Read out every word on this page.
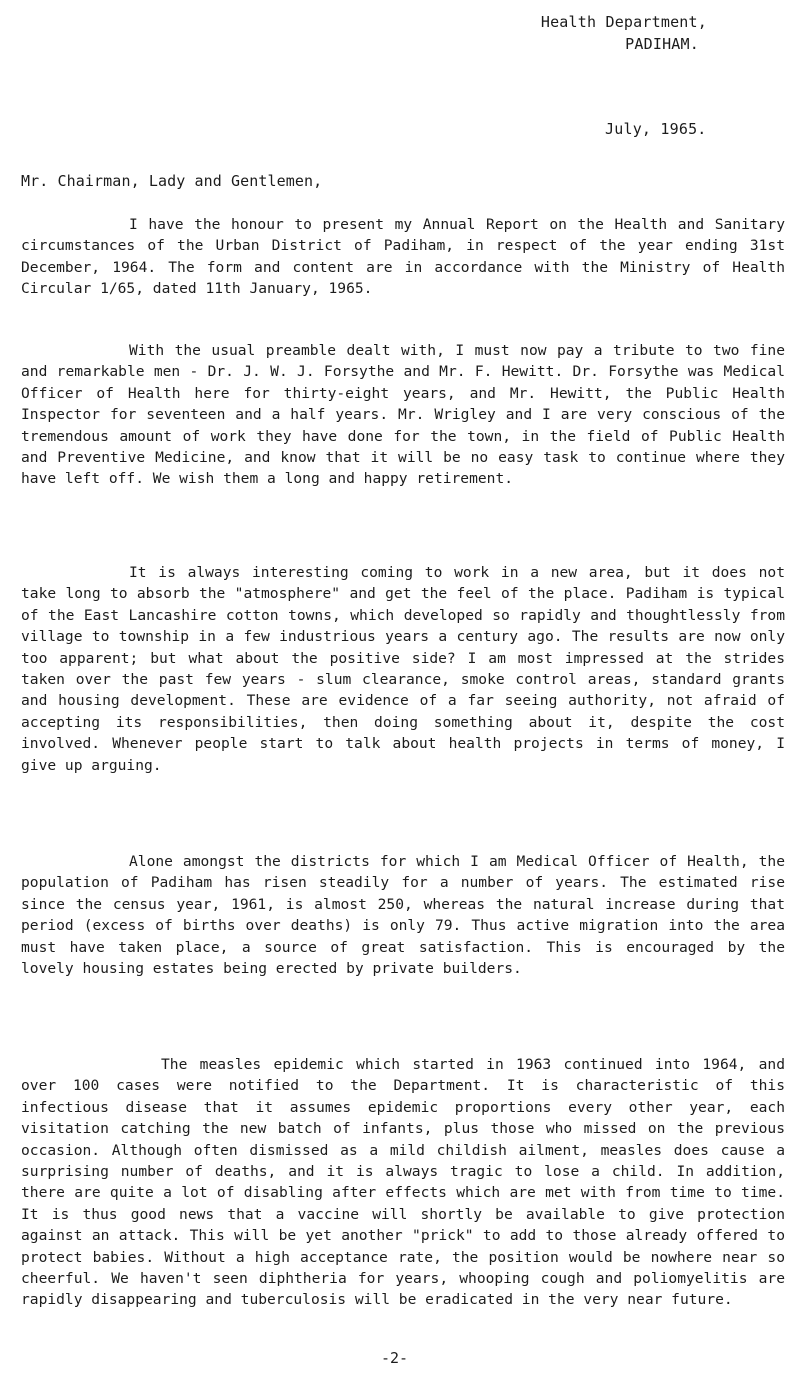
Health Department,
PADIHAM.
July, 1965.
Mr. Chairman, Lady and Gentlemen,

I have the honour to present my Annual Report on the Health and Sanitary circumstances of the Urban District of Padiham, in respect of the year ending 31st December, 1964. The form and content are in accordance with the Ministry of Health Circular 1/65, dated 11th January, 1965.

With the usual preamble dealt with, I must now pay a tribute to two fine and remarkable men - Dr. J. W. J. Forsythe and Mr. F. Hewitt. Dr. Forsythe was Medical Officer of Health here for thirty-eight years, and Mr. Hewitt, the Public Health Inspector for seventeen and a half years. Mr. Wrigley and I are very conscious of the tremendous amount of work they have done for the town, in the field of Public Health and Preventive Medicine, and know that it will be no easy task to continue where they have left off. We wish them a long and happy retirement.

It is always interesting coming to work in a new area, but it does not take long to absorb the "atmosphere" and get the feel of the place. Padiham is typical of the East Lancashire cotton towns, which developed so rapidly and thoughtlessly from village to township in a few industrious years a century ago. The results are now only too apparent; but what about the positive side? I am most impressed at the strides taken over the past few years - slum clearance, smoke control areas, standard grants and housing development. These are evidence of a far seeing authority, not afraid of accepting its responsibilities, then doing something about it, despite the cost involved. Whenever people start to talk about health projects in terms of money, I give up arguing.

Alone amongst the districts for which I am Medical Officer of Health, the population of Padiham has risen steadily for a number of years. The estimated rise since the census year, 1961, is almost 250, whereas the natural increase during that period (excess of births over deaths) is only 79. Thus active migration into the area must have taken place, a source of great satisfaction. This is encouraged by the lovely housing estates being erected by private builders.

The measles epidemic which started in 1963 continued into 1964, and over 100 cases were notified to the Department. It is characteristic of this infectious disease that it assumes epidemic proportions every other year, each visitation catching the new batch of infants, plus those who missed on the previous occasion. Although often dismissed as a mild childish ailment, measles does cause a surprising number of deaths, and it is always tragic to lose a child. In addition, there are quite a lot of disabling after effects which are met with from time to time. It is thus good news that a vaccine will shortly be available to give protection against an attack. This will be yet another "prick" to add to those already offered to protect babies. Without a high acceptance rate, the position would be nowhere near so cheerful. We haven't seen diphtheria for years, whooping cough and poliomyelitis are rapidly disappearing and tuberculosis will be eradicated in the very near future.

-2-
